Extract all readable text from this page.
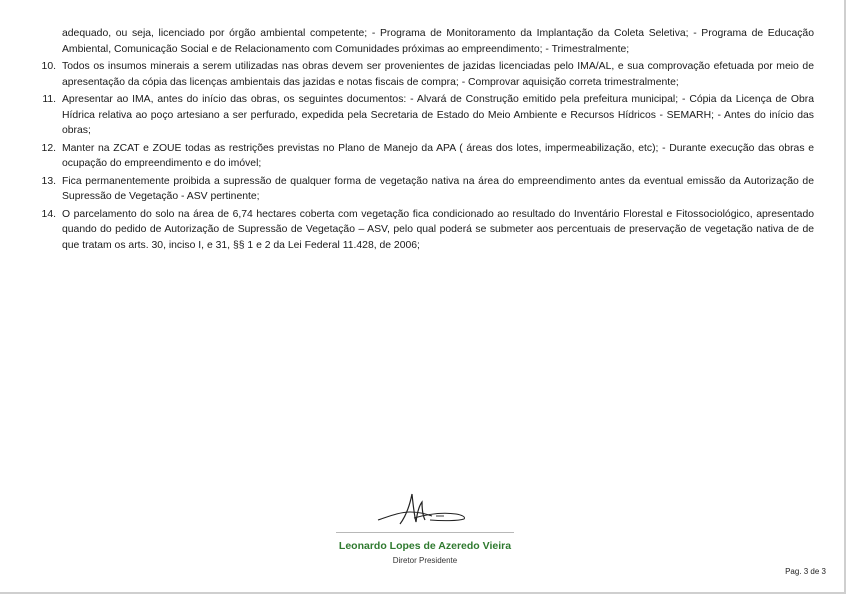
adequado, ou seja, licenciado por órgão ambiental competente; - Programa de Monitoramento da Implantação da Coleta Seletiva; - Programa de Educação Ambiental, Comunicação Social e de Relacionamento com Comunidades próximas ao empreendimento; - Trimestralmente;

10. Todos os insumos minerais a serem utilizadas nas obras devem ser provenientes de jazidas licenciadas pelo IMA/AL, e sua comprovação efetuada por meio de apresentação da cópia das licenças ambientais das jazidas e notas fiscais de compra; - Comprovar aquisição correta trimestralmente;
11. Apresentar ao IMA, antes do início das obras, os seguintes documentos: - Alvará de Construção emitido pela prefeitura municipal; - Cópia da Licença de Obra Hídrica relativa ao poço artesiano a ser perfurado, expedida pela Secretaria de Estado do Meio Ambiente e Recursos Hídricos - SEMARH; - Antes do início das obras;
12. Manter na ZCAT e ZOUE todas as restrições previstas no Plano de Manejo da APA ( áreas dos lotes, impermeabilização, etc); - Durante execução das obras e ocupação do empreendimento e do imóvel;
13. Fica permanentemente proibida a supressão de qualquer forma de vegetação nativa na área do empreendimento antes da eventual emissão da Autorização de Supressão de Vegetação - ASV pertinente;
14. O parcelamento do solo na área de 6,74 hectares coberta com vegetação fica condicionado ao resultado do Inventário Florestal e Fitossociológico, apresentado quando do pedido de Autorização de Supressão de Vegetação – ASV, pelo qual poderá se submeter aos percentuais de preservação de vegetação nativa de de que tratam os arts. 30, inciso I, e 31, §§ 1 e 2 da Lei Federal 11.428, de 2006;
Leonardo Lopes de Azeredo Vieira
Diretor Presidente
Pag. 3 de 3
